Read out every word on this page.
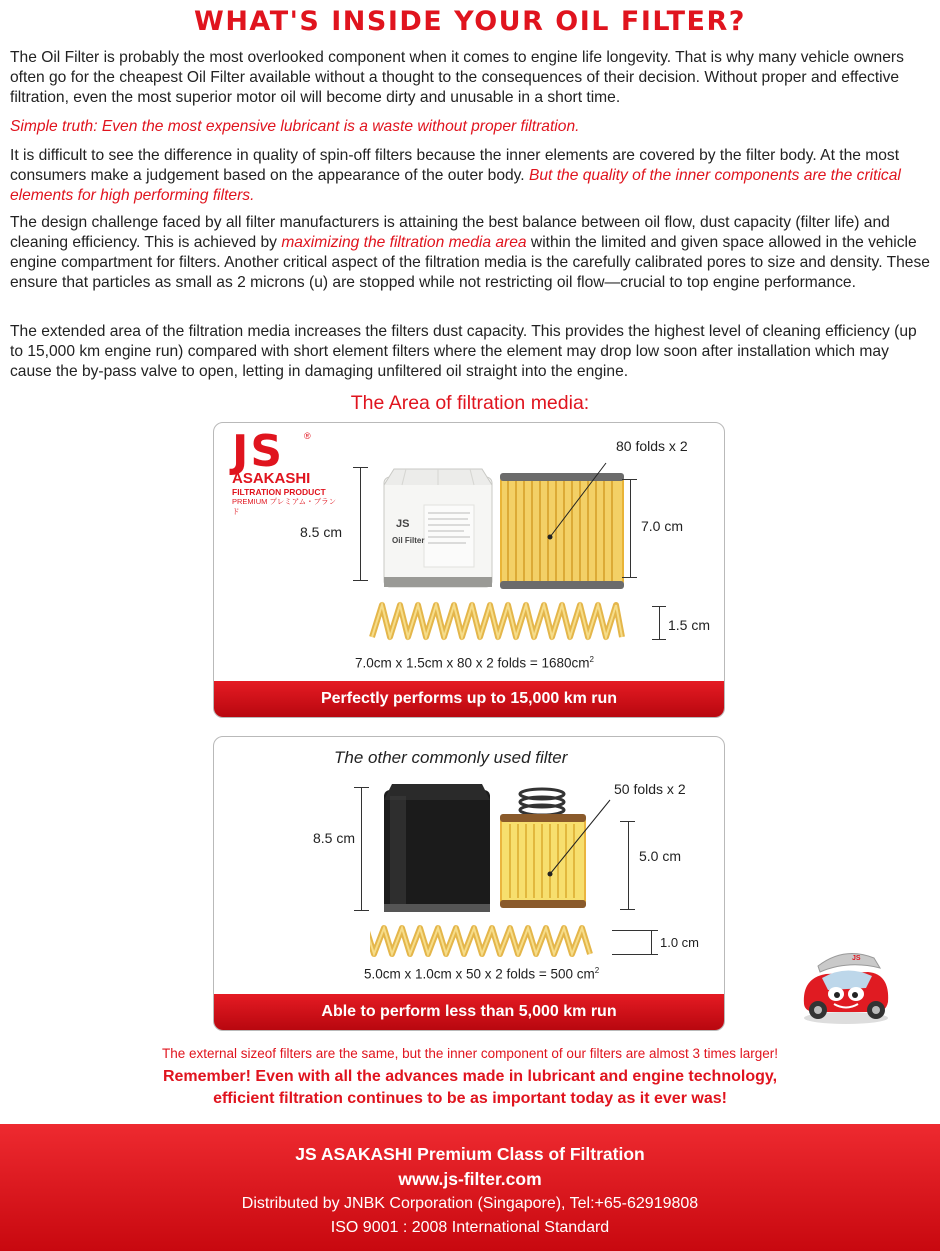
WHAT'S INSIDE YOUR OIL FILTER?

The Oil Filter is probably the most overlooked component when it comes to engine life longevity. That is why many vehicle owners often go for the cheapest Oil Filter available without a thought to the consequences of their decision. Without proper and effective filtration, even the most superior motor oil will become dirty and unusable in a short time.

Simple truth: Even the most expensive lubricant is a waste without proper filtration.

It is difficult to see the difference in quality of spin-off filters because the inner elements are covered by the filter body. At the most consumers make a judgement based on the appearance of the outer body. But the quality of the inner components are the critical elements for high performing filters.

The design challenge faced by all filter manufacturers is attaining the best balance between oil flow, dust capacity (filter life) and cleaning efficiency. This is achieved by maximizing the filtration media area within the limited and given space allowed in the vehicle engine compartment for filters. Another critical aspect of the filtration media is the carefully calibrated pores to size and density. These ensure that particles as small as 2 microns (u) are stopped while not restricting oil flow—crucial to top engine performance.

The extended area of the filtration media increases the filters dust capacity. This provides the highest level of cleaning efficiency (up to 15,000 km engine run) compared with short element filters where the element may drop low soon after installation which may cause the by-pass valve to open, letting in damaging unfiltered oil straight into the engine.

The Area of filtration media:
Perfectly performs up to 15,000 km run
JS	®
ASAKASHI
FILTRATION PRODUCT
PREMIUM プレミアム・ブランド
JS
Oil Filter
8.5 cm	7.0 cm
1.5 cm
80 folds x 2
7.0cm x 1.5cm x 80 x 2 folds = $1680cm^2$
Able to perform less than 5,000 km run
The other commonly used filter
8.5 cm
5.0 cm
1.0 cm
50 folds x 2
5.0cm x 1.0cm x 50 x 2 folds = 500 $cm^2$
JS
The external sizeof filters are the same, but the inner component of our filters are almost 3 times larger!
Remember! Even with all the advances made in lubricant and engine technology,
efficient filtration continues to be as important today as it ever was!
JS ASAKASHI Premium Class of Filtration
www.js-filter.com
Distributed by JNBK Corporation (Singapore), Tel:+65-62919808
ISO 9001 : 2008 International Standard
